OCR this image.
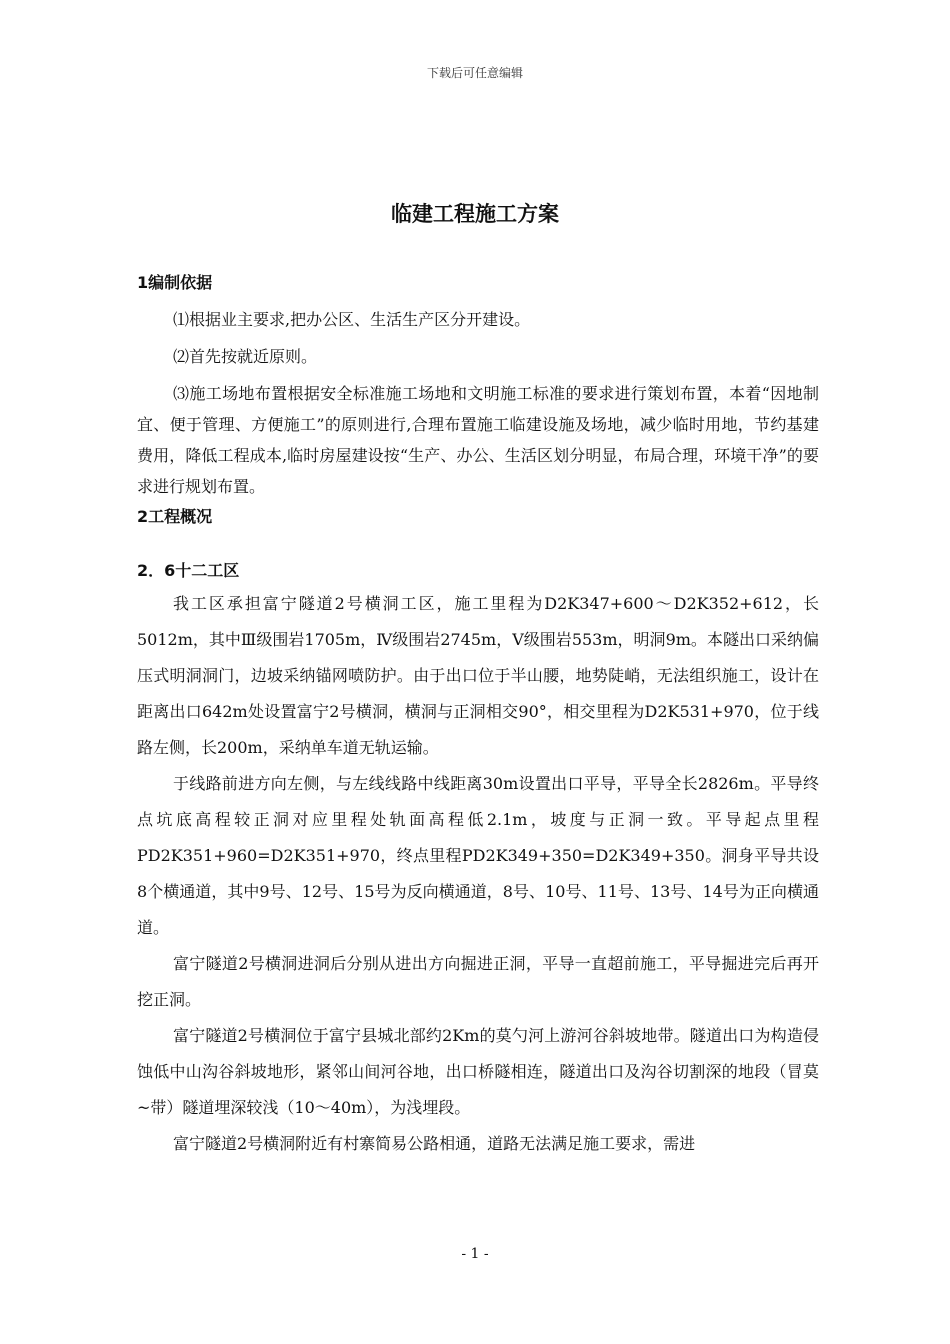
下载后可任意编辑
临建工程施工方案

1编制依据

⑴根据业主要求,把办公区、生活生产区分开建设。

⑵首先按就近原则。

⑶施工场地布置根据安全标准施工场地和文明施工标准的要求进行策划布置，本着“因地制宜、便于管理、方便施工”的原则进行,合理布置施工临建设施及场地，减少临时用地，节约基建费用，降低工程成本,临时房屋建设按“生产、办公、生活区划分明显，布局合理，环境干净”的要求进行规划布置。

2工程概况

2．6十二工区

我工区承担富宁隧道2号横洞工区，施工里程为D2K347+600～D2K352+612，长5012m，其中Ⅲ级围岩1705m，Ⅳ级围岩2745m，Ⅴ级围岩553m，明洞9m。本隧出口采纳偏压式明洞洞门，边坡采纳锚网喷防护。由于出口位于半山腰，地势陡峭，无法组织施工，设计在距离出口642m处设置富宁2号横洞，横洞与正洞相交90°，相交里程为D2K531+970，位于线路左侧，长200m，采纳单车道无轨运输。

于线路前进方向左侧，与左线线路中线距离30m设置出口平导，平导全长2826m。平导终点坑底高程较正洞对应里程处轨面高程低2.1m，坡度与正洞一致。平导起点里程PD2K351+960=D2K351+970，终点里程PD2K349+350=D2K349+350。洞身平导共设8个横通道，其中9号、12号、15号为反向横通道，8号、10号、11号、13号、14号为正向横通道。

富宁隧道2号横洞进洞后分别从进出方向掘进正洞，平导一直超前施工，平导掘进完后再开挖正洞。

富宁隧道2号横洞位于富宁县城北部约2Km的莫勺河上游河谷斜坡地带。隧道出口为构造侵蚀低中山沟谷斜坡地形，紧邻山间河谷地，出口桥隧相连，隧道出口及沟谷切割深的地段（冒莫~带）隧道埋深较浅（10～40m），为浅埋段。

富宁隧道2号横洞附近有村寨简易公路相通，道路无法满足施工要求，需进

- 1 -
